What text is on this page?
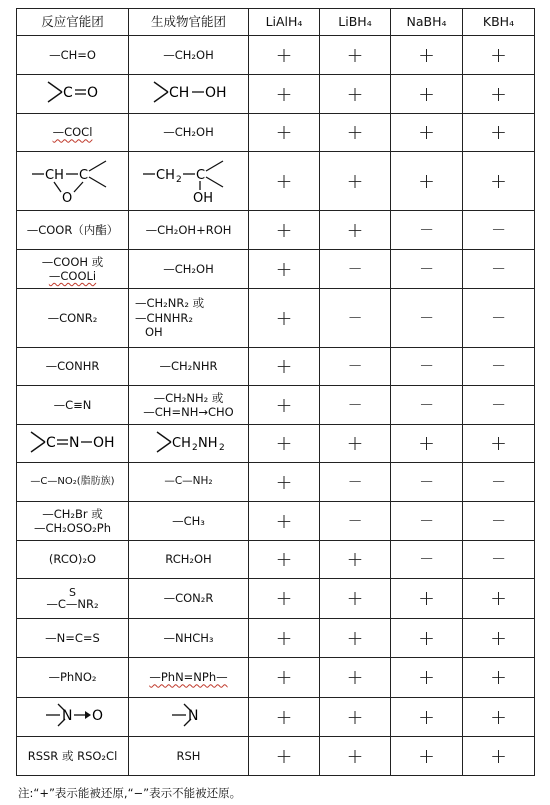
反应官能团	生成物官能团	LiAlH₄	LiBH₄	NaBH₄	KBH₄

—CH=O	—CH₂OH	+	+	+	+

C O	CH OH	+	+	+	+

—COCl	—CH₂OH	+	+	+	+

CH C
O	CH 2 C
OH	+	+	+	+

—COOR（内酯）	—CH₂OH+ROH	+	+	−	−

—COOH 或
—COOLi	—CH₂OH	+	−	−	−

—CONR₂	—CH₂NR₂ 或
—CHNHR₂
OH	+	−	−	−

—CONHR	—CH₂NHR	+	−	−	−

—C≡N	—CH₂NH₂ 或
—CH=NH→CHO	+	−	−	−

C N OH	CH 2 NH 2	+	+	+	+

—C—NO₂(脂肪族)	—C—NH₂	+	−	−	−

—CH₂Br 或
—CH₂OSO₂Ph	—CH₃	+	−	−	−

(RCO)₂O	RCH₂OH	+	+	−	−

S
—C—NR₂	—CON₂R	+	+	+	+

—N=C=S	—NHCH₃	+	+	+	+

—PhNO₂	—PhN=NPh—	+	+	+	+

N O	N	+	+	+	+

RSSR 或 RSO₂Cl	RSH	+	+	+	+
注:“+”表示能被还原,“−”表示不能被还原。
